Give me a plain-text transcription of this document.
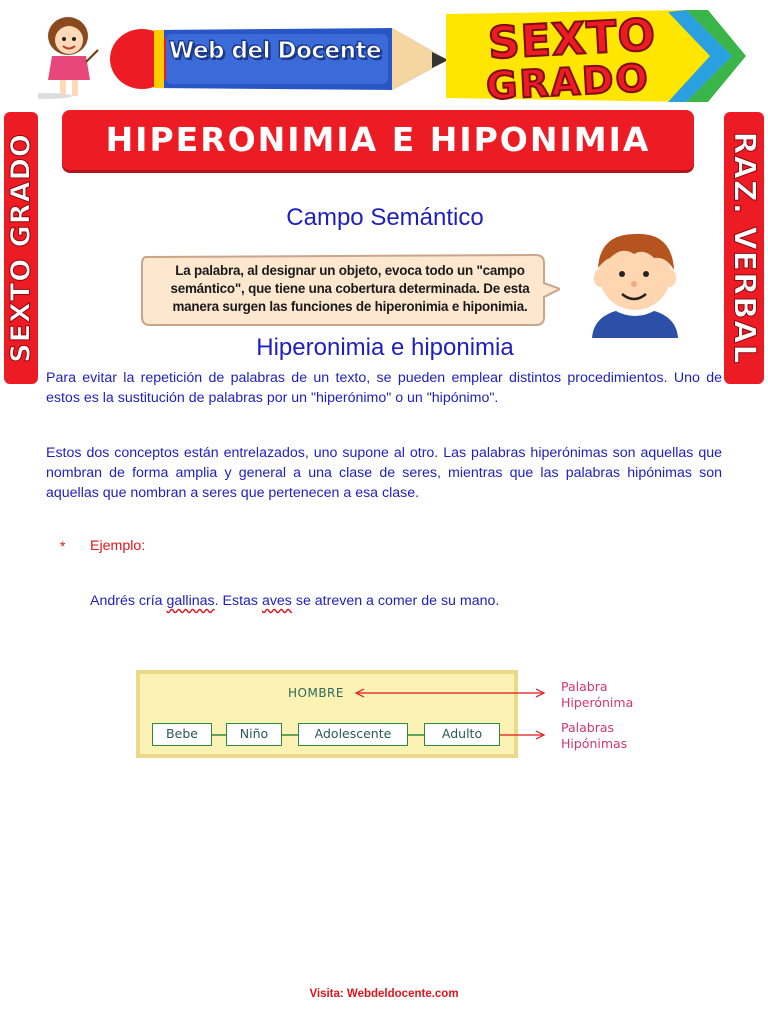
Web del Docente	SEXTO
GRADO
SEXTO GRADO	RAZ. VERBAL
HIPERONIMIA E HIPONIMIA
Campo Semántico
La palabra, al designar un objeto, evoca todo un "campo semántico", que tiene una cobertura determinada. De esta manera surgen las funciones de hiperonimia e hiponimia.
Hiperonimia e hiponimia

Para evitar la repetición de palabras de un texto, se pueden emplear distintos procedimientos. Uno de estos es la sustitución de palabras por un "hiperónimo" o un "hipónimo".

Estos dos conceptos están entrelazados, uno supone al otro. Las palabras hiperónimas son aquellas que nombran de forma amplia y general a una clase de seres, mientras que las palabras hipónimas son aquellas que nombran a seres que pertenecen a esa clase.

* Ejemplo:
Andrés cría gallinas. Estas aves se atreven a comer de su mano.
HOMBRE
Bebe	Niño	Adolescente	Adulto
Palabra
Hiperónima
Palabras
Hipónimas
Visita: Webdeldocente.com
